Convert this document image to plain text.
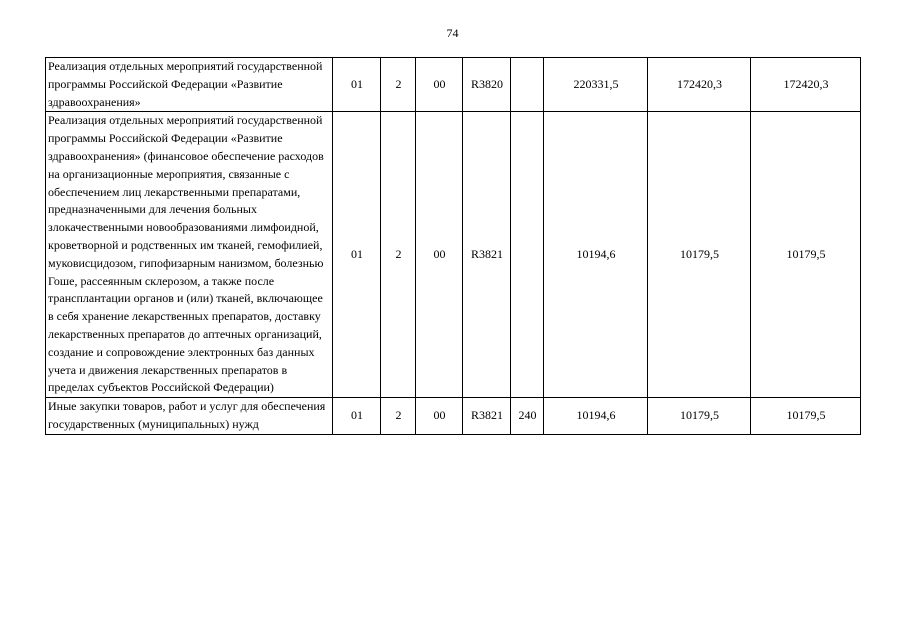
74
Реализация отдельных мероприятий государственной программы Российской Федерации «Развитие здравоохранения»	01	2	00	R3820		220331,5	172420,3	172420,3
Реализация отдельных мероприятий государственной программы Российской Федерации «Развитие здравоохранения» (финансовое обеспечение расходов на организационные мероприятия, связанные с обеспечением лиц лекарственными препаратами, предназначенными для лечения больных злокачественными новообразованиями лимфоидной, кроветворной и родственных им тканей, гемофилией, муковисцидозом, гипофизарным нанизмом, болезнью Гоше, рассеянным склерозом, а также после трансплантации органов и (или) тканей, включающее в себя хранение лекарственных препаратов, доставку лекарственных препаратов до аптечных организаций, создание и сопровождение электронных баз данных учета и движения лекарственных препаратов в пределах субъектов Российской Федерации)	01	2	00	R3821		10194,6	10179,5	10179,5
Иные закупки товаров, работ и услуг для обеспечения государственных (муниципальных) нужд	01	2	00	R3821	240	10194,6	10179,5	10179,5
